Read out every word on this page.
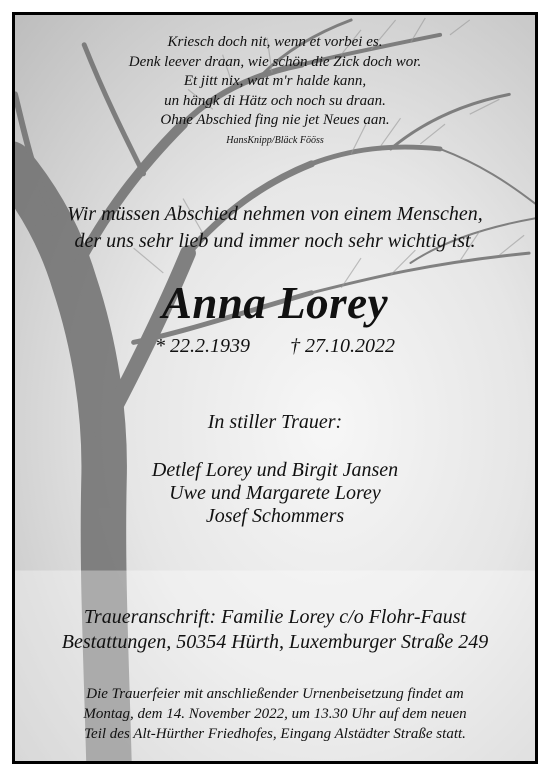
Kriesch doch nit, wenn et vorbei es.
Denk leever draan, wie schön die Zick doch wor.
Et jitt nix, wat m'r halde kann,
un hängk di Hätz och noch su draan.
Ohne Abschied fing nie jet Neues aan.
HansKnipp/Bläck Fööss
Wir müssen Abschied nehmen von einem Menschen,
der uns sehr lieb und immer noch sehr wichtig ist.
Anna Lorey
* 22.2.1939 † 27.10.2022
In stiller Trauer:
Detlef Lorey und Birgit Jansen
Uwe und Margarete Lorey
Josef Schommers
Traueranschrift: Familie Lorey c/o Flohr-Faust
Bestattungen, 50354 Hürth, Luxemburger Straße 249
Die Trauerfeier mit anschließender Urnenbeisetzung findet am
Montag, dem 14. November 2022, um 13.30 Uhr auf dem neuen
Teil des Alt-Hürther Friedhofes, Eingang Alstädter Straße statt.
